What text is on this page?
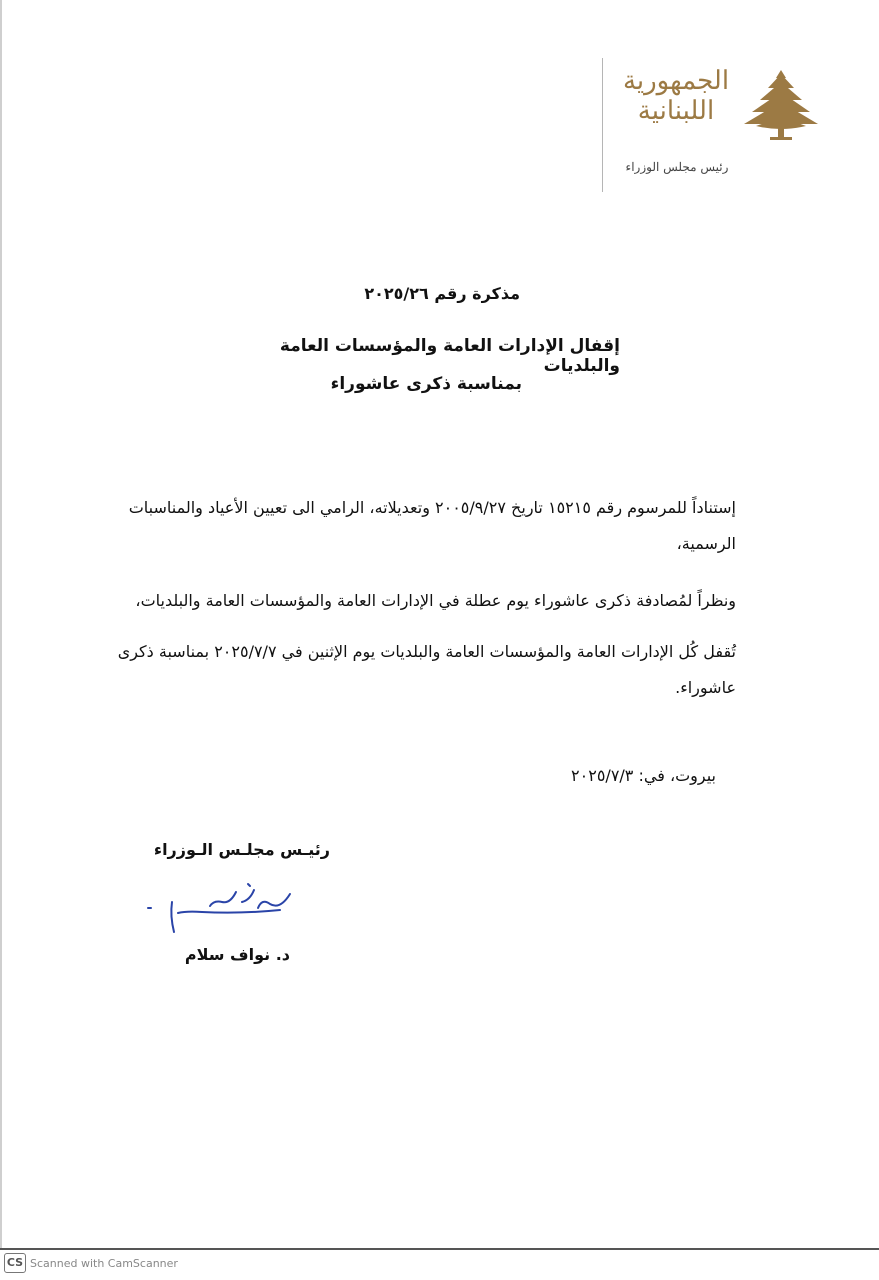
الجمهورية
اللبنانية
رئيس مجلس الوزراء
مذكرة رقم ٢٠٢٥/٢٦
إقفال الإدارات العامة والمؤسسات العامة والبلديات
بمناسبة ذكرى عاشوراء
إستناداً للمرسوم رقم ١٥٢١٥ تاريخ ٢٠٠٥/٩/٢٧ وتعديلاته، الرامي الى تعيين الأعياد والمناسبات الرسمية،
ونظراً لمُصادفة ذكرى عاشوراء يوم عطلة في الإدارات العامة والمؤسسات العامة والبلديات،
تُقفل كُل الإدارات العامة والمؤسسات العامة والبلديات يوم الإثنين في ٢٠٢٥/٧/٧ بمناسبة ذكرى عاشوراء.
بيروت، في: ٢٠٢٥/٧/٣
رئيـس مجلـس الـوزراء
د. نواف سلام
CS Scanned with CamScanner
